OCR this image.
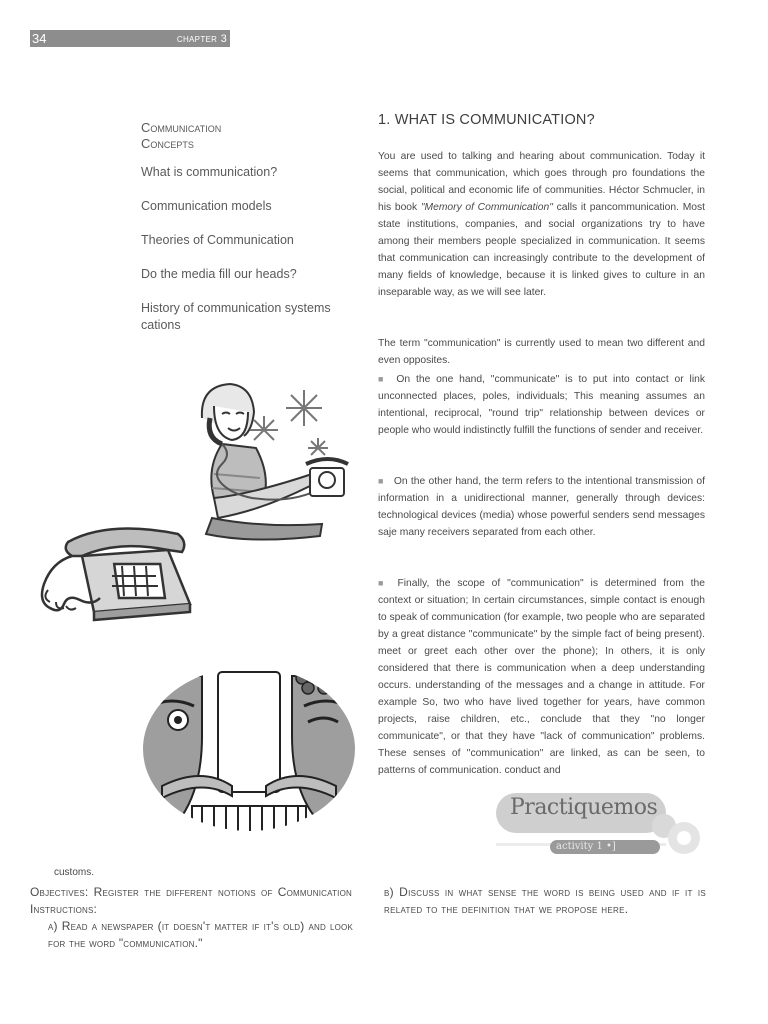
34	chapter 3
Communication
Concepts
What is communication?
Communication models
Theories of Communication
Do the media fill our heads?
History of communication systems cations
1. WHAT IS COMMUNICATION?
You are used to talking and hearing about communication. Today it seems that communication, which goes through pro foundations the social, political and economic life of communities. Héctor Schmucler, in his book "Memory of Communication" calls it pancommunication. Most state institutions, companies, and social organizations try to have among their members people specialized in communication. It seems that communication can increasingly contribute to the development of many fields of knowledge, because it is linked gives to culture in an inseparable way, as we will see later.
The term "communication" is currently used to mean two different and even opposites.
■ On the one hand, "communicate" is to put into contact or link unconnected places, poles, individuals; This meaning assumes an intentional, reciprocal, "round trip" relationship between devices or people who would indistinctly fulfill the functions of sender and receiver.
■ On the other hand, the term refers to the intentional transmission of information in a unidirectional manner, generally through devices: technological devices (media) whose powerful senders send messages saje many receivers separated from each other.
■ Finally, the scope of "communication" is determined from the context or situation; In certain circumstances, simple contact is enough to speak of communication (for example, two people who are separated by a great distance "communicate" by the simple fact of being present). meet or greet each other over the phone); In others, it is only considered that there is communication when a deep understanding occurs. understanding of the messages and a change in attitude. For example So, two who have lived together for years, have common projects, raise children, etc., conclude that they "no longer communicate", or that they have "lack of communication" problems. These senses of "communication" are linked, as can be seen, to patterns of communication. conduct and
Practiquemos
activity 1 •]
customs.
Objectives: Register the different notions of Communication Instructions:
a) Read a newspaper (it doesn't matter if it's old) and look for the word "communication."
b) Discuss in what sense the word is being used and if it is related to the definition that we propose here.
